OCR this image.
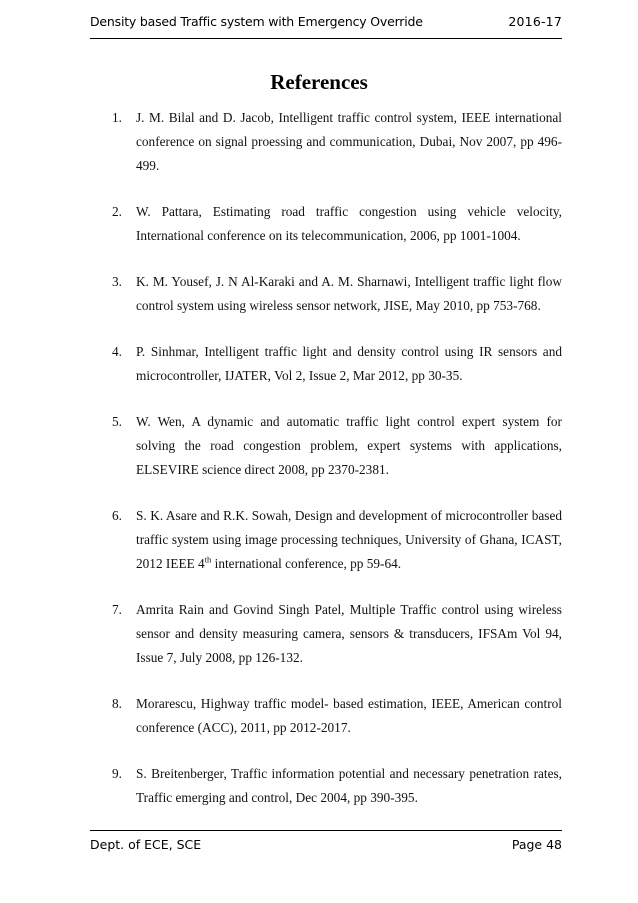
Density based Traffic system with Emergency Override	2016-17
References
1. J. M. Bilal and D. Jacob, Intelligent traffic control system, IEEE international conference on signal proessing and communication, Dubai, Nov 2007, pp 496-499.
2. W. Pattara, Estimating road traffic congestion using vehicle velocity, International conference on its telecommunication, 2006, pp 1001-1004.
3. K. M. Yousef, J. N Al-Karaki and A. M. Sharnawi, Intelligent traffic light flow control system using wireless sensor network, JISE, May 2010, pp 753-768.
4. P. Sinhmar, Intelligent traffic light and density control using IR sensors and microcontroller, IJATER, Vol 2, Issue 2, Mar 2012, pp 30-35.
5. W. Wen, A dynamic and automatic traffic light control expert system for solving the road congestion problem, expert systems with applications, ELSEVIRE science direct 2008, pp 2370-2381.
6. S. K. Asare and R.K. Sowah, Design and development of microcontroller based traffic system using image processing techniques, University of Ghana, ICAST, 2012 IEEE 4th international conference, pp 59-64.
7. Amrita Rain and Govind Singh Patel, Multiple Traffic control using wireless sensor and density measuring camera, sensors & transducers, IFSAm Vol 94, Issue 7, July 2008, pp 126-132.
8. Morarescu, Highway traffic model- based estimation, IEEE, American control conference (ACC), 2011, pp 2012-2017.
9. S. Breitenberger, Traffic information potential and necessary penetration rates, Traffic emerging and control, Dec 2004, pp 390-395.
Dept. of ECE, SCE	Page 48
